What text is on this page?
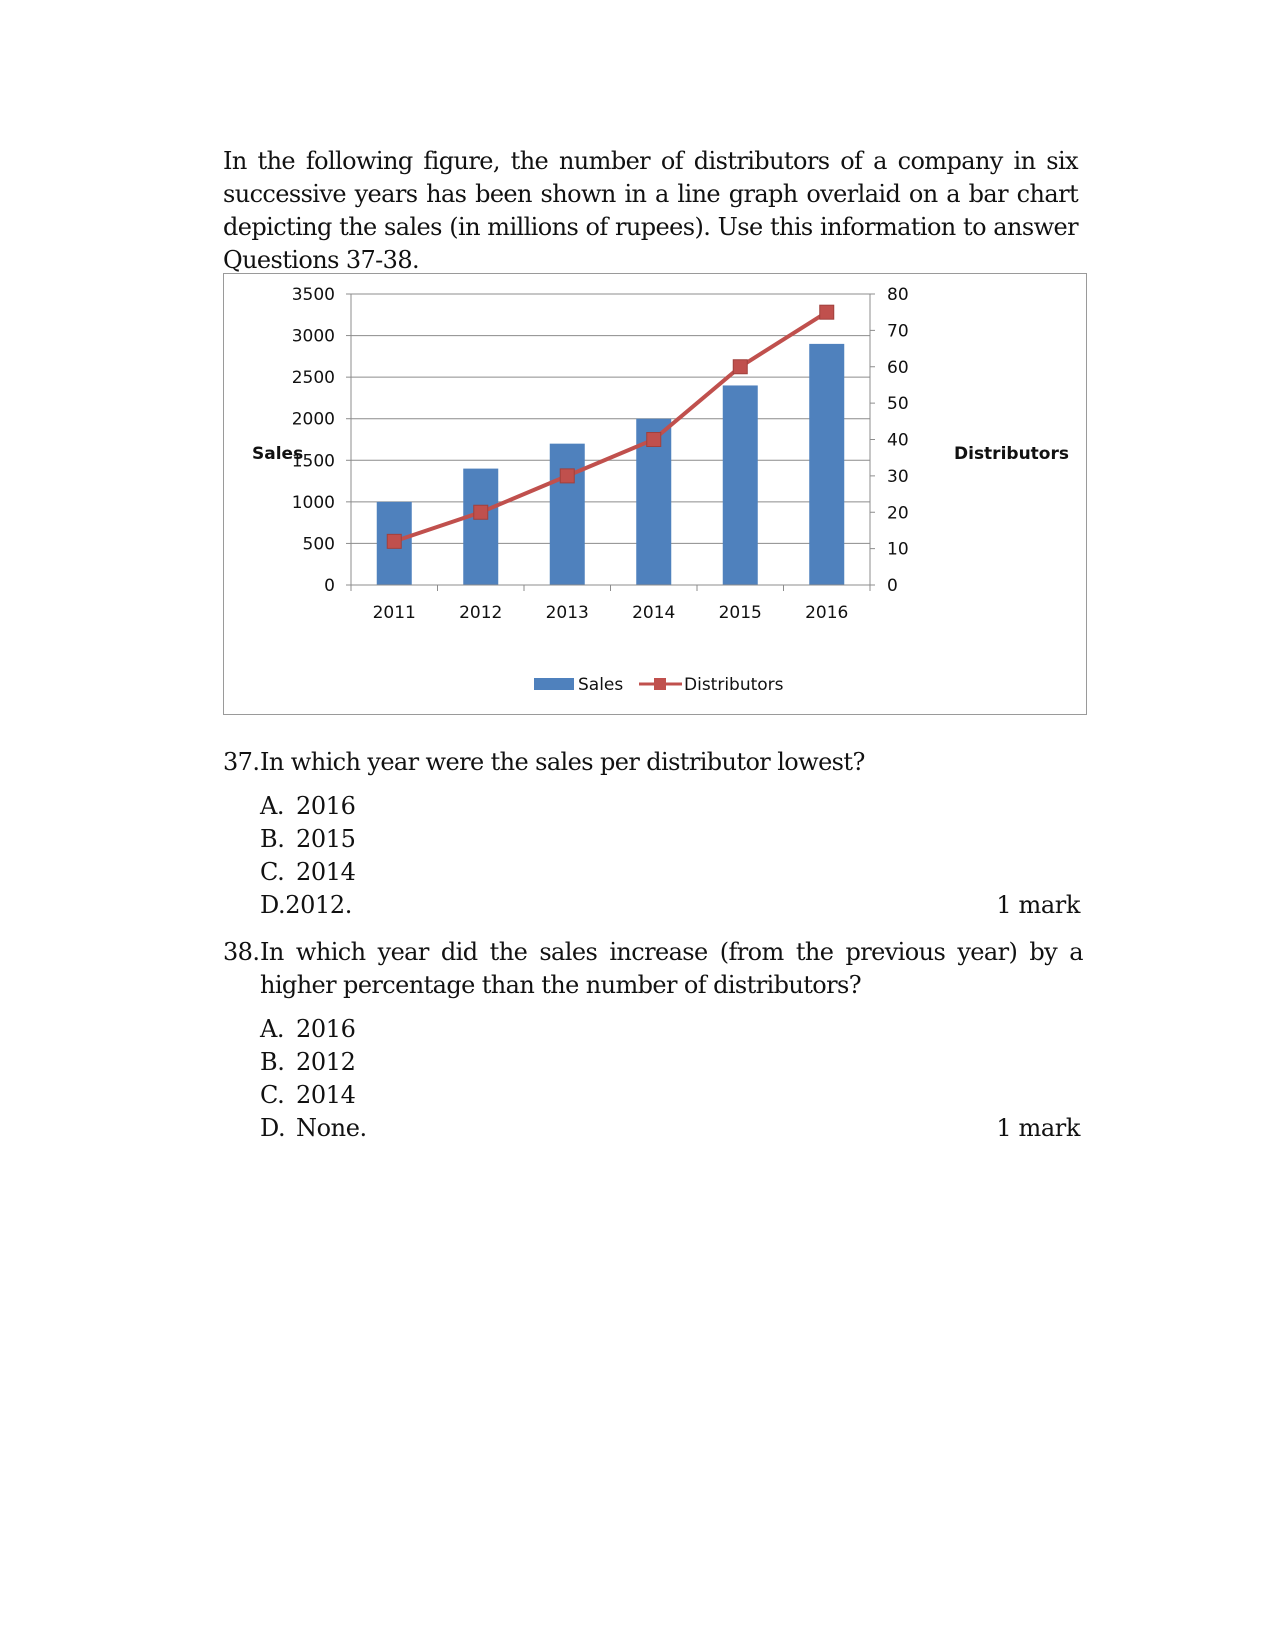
In the following figure, the number of distributors of a company in six successive years has been shown in a line graph overlaid on a bar chart depicting the sales (in millions of rupees). Use this information to answer Questions 37-38.

0
500
1000
1500
2000
2500
3000
3500
0
10
20
30
40
50
60
70
80
2011	2012	2013	2014	2015	2016
Sales	Distributors
Sales	Distributors
37. In which year were the sales per distributor lowest?
A. 2016
B. 2015
C. 2014
D.2012.	1 mark
38. In which year did the sales increase (from the previous year) by a higher percentage than the number of distributors?
A. 2016
B. 2012
C. 2014
D. None.	1 mark
